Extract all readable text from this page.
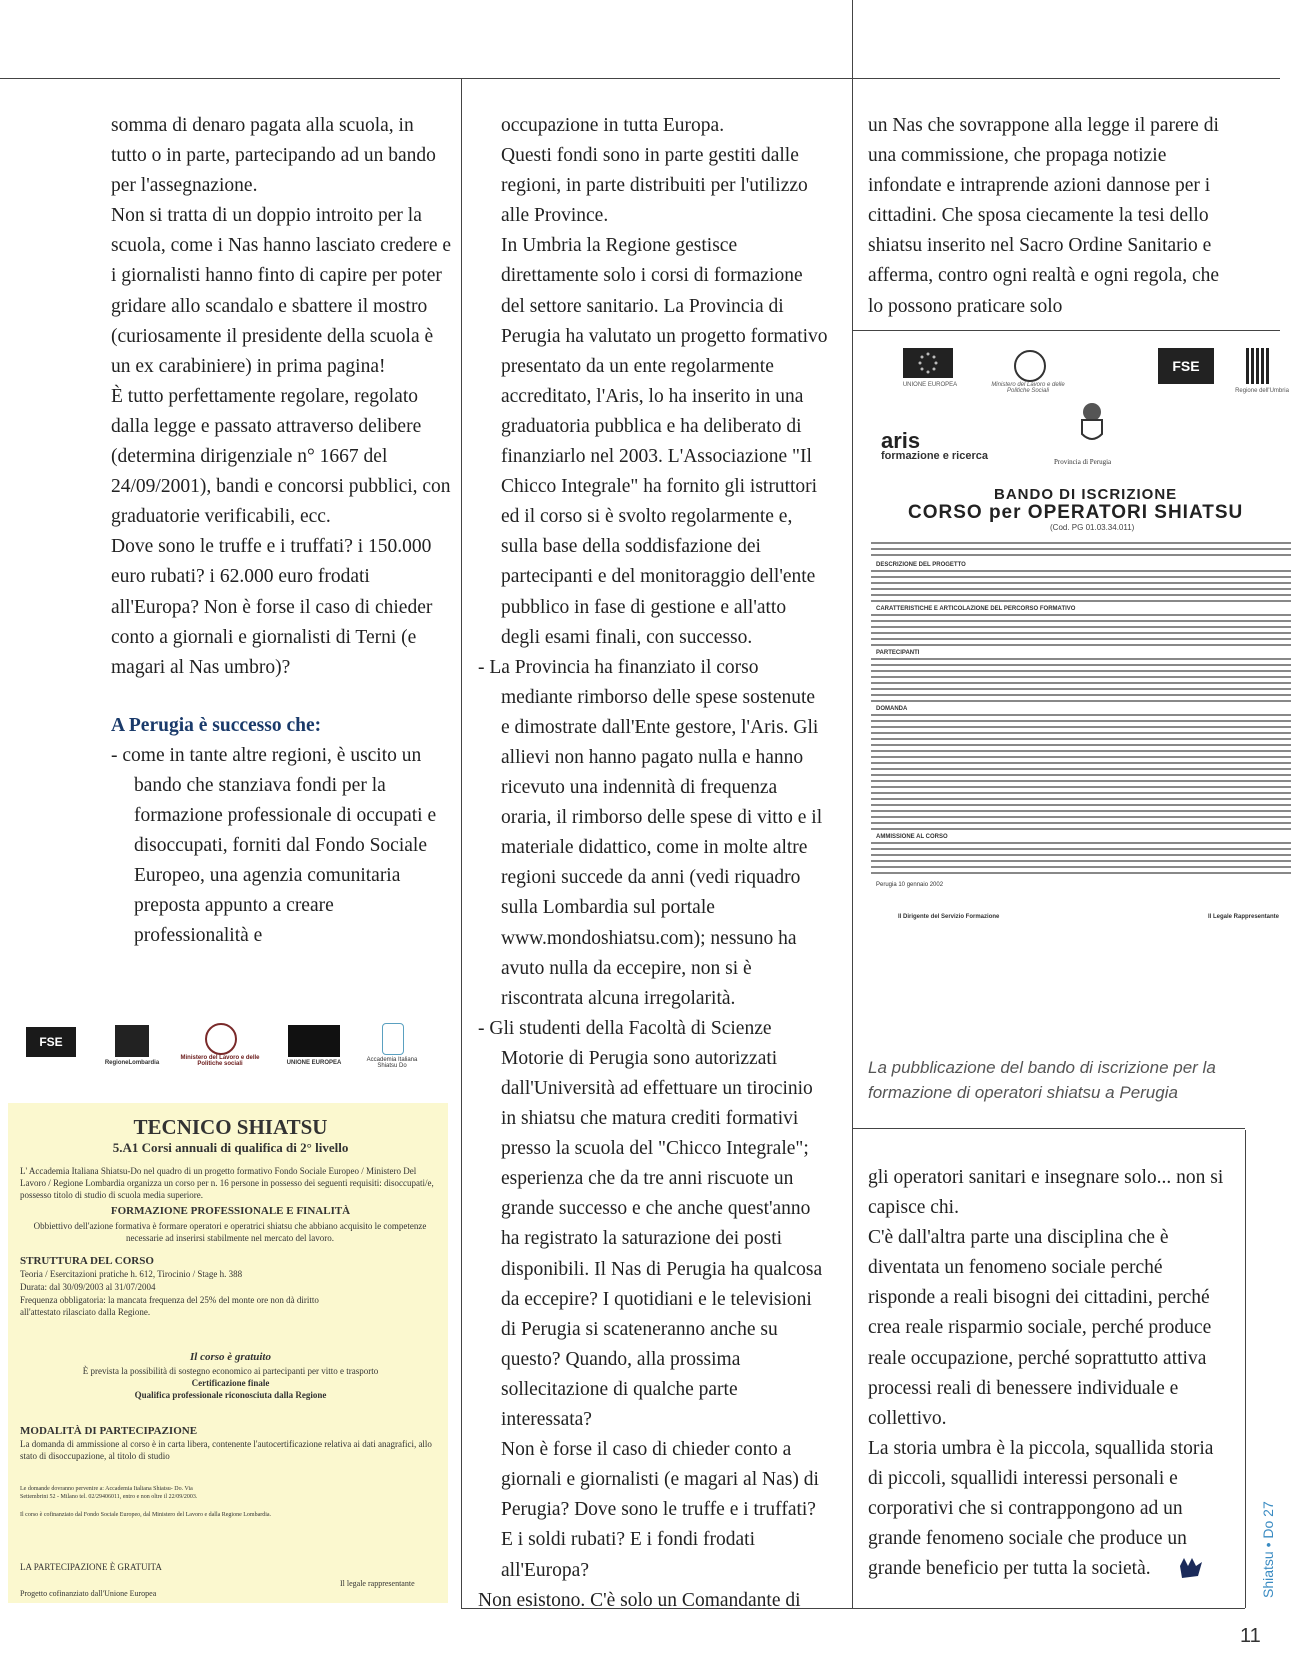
somma di denaro pagata alla scuola, in tutto o in parte, partecipando ad un bando per l'assegnazione.

Non si tratta di un doppio introito per la scuola, come i Nas hanno lasciato credere e i giornalisti hanno finto di capire per poter gridare allo scandalo e sbattere il mostro (curiosamente il presidente della scuola è un ex carabiniere) in prima pagina!

È tutto perfettamente regolare, regolato dalla legge e passato attraverso delibere (determina dirigenziale n° 1667 del 24/09/2001), bandi e concorsi pubblici, con graduatorie verificabili, ecc.

Dove sono le truffe e i truffati? i 150.000 euro rubati? i 62.000 euro frodati all'Europa? Non è forse il caso di chieder conto a giornali e giornalisti di Terni (e magari al Nas umbro)?

A Perugia è successo che:

- come in tante altre regioni, è uscito un bando che stanziava fondi per la formazione professionale di occupati e disoccupati, forniti dal Fondo Sociale Europeo, una agenzia comunitaria preposta appunto a creare professionalità e

occupazione in tutta Europa.

Questi fondi sono in parte gestiti dalle regioni, in parte distribuiti per l'utilizzo alle Province.

In Umbria la Regione gestisce direttamente solo i corsi di formazione del settore sanitario. La Provincia di Perugia ha valutato un progetto formativo presentato da un ente regolarmente accreditato, l'Aris, lo ha inserito in una graduatoria pubblica e ha deliberato di finanziarlo nel 2003. L'Associazione "Il Chicco Integrale" ha fornito gli istruttori ed il corso si è svolto regolarmente e, sulla base della soddisfazione dei partecipanti e del monitoraggio dell'ente pubblico in fase di gestione e all'atto degli esami finali, con successo.

- La Provincia ha finanziato il corso mediante rimborso delle spese sostenute e dimostrate dall'Ente gestore, l'Aris. Gli allievi non hanno pagato nulla e hanno ricevuto una indennità di frequenza oraria, il rimborso delle spese di vitto e il materiale didattico, come in molte altre regioni succede da anni (vedi riquadro sulla Lombardia sul portale www.mondoshiatsu.com); nessuno ha avuto nulla da eccepire, non si è riscontrata alcuna irregolarità.

- Gli studenti della Facoltà di Scienze Motorie di Perugia sono autorizzati dall'Università ad effettuare un tirocinio in shiatsu che matura crediti formativi presso la scuola del "Chicco Integrale"; esperienza che da tre anni riscuote un grande successo e che anche quest'anno ha registrato la saturazione dei posti disponibili. Il Nas di Perugia ha qualcosa da eccepire? I quotidiani e le televisioni di Perugia si scateneranno anche su questo? Quando, alla prossima sollecitazione di qualche parte interessata?

Non è forse il caso di chieder conto a giornali e giornalisti (e magari al Nas) di Perugia? Dove sono le truffe e i truffati? E i soldi rubati? E i fondi frodati all'Europa?

Non esistono. C'è solo un Comandante di

un Nas che sovrappone alla legge il parere di una commissione, che propaga notizie infondate e intraprende azioni dannose per i cittadini. Che sposa ciecamente la tesi dello shiatsu inserito nel Sacro Ordine Sanitario e afferma, contro ogni realtà e ogni regola, che lo possono praticare solo

UNIONE EUROPEA	Ministero del Lavoro e delle Politiche Sociali
FSE
Regione dell'Umbria
aris
formazione e ricerca	Provincia di Perugia
BANDO DI ISCRIZIONE
CORSO per OPERATORI SHIATSU
(Cod. PG 01.03.34.011)
DESCRIZIONE DEL PROGETTO
CARATTERISTICHE E ARTICOLAZIONE DEL PERCORSO FORMATIVO
PARTECIPANTI
DOMANDA
AMMISSIONE AL CORSO
Perugia 10 gennaio 2002
Il Dirigente del Servizio Formazione	Il Legale Rappresentante
La pubblicazione del bando di iscrizione per la formazione di operatori shiatsu a Perugia

gli operatori sanitari e insegnare solo... non si capisce chi.

C'è dall'altra parte una disciplina che è diventata un fenomeno sociale perché risponde a reali bisogni dei cittadini, perché crea reale risparmio sociale, perché produce reale occupazione, perché soprattutto attiva processi reali di benessere individuale e collettivo.

La storia umbra è la piccola, squallida storia di piccoli, squallidi interessi personali e corporativi che si contrappongono ad un grande fenomeno sociale che produce un grande beneficio per tutta la società.

FSE
RegioneLombardia
Ministero del Lavoro e delle Politiche sociali	UNIONE EUROPEA	Accademia Italiana Shiatsu Do
TECNICO SHIATSU
5.A1 Corsi annuali di qualifica di 2° livello
L' Accademia Italiana Shiatsu-Do nel quadro di un progetto formativo Fondo Sociale Europeo / Ministero Del Lavoro / Regione Lombardia organizza un corso per n. 16 persone in possesso dei seguenti requisiti: disoccupati/e, possesso titolo di studio di scuola media superiore.
FORMAZIONE PROFESSIONALE E FINALITÀ
Obbiettivo dell'azione formativa è formare operatori e operatrici shiatsu che abbiano acquisito le competenze necessarie ad inserirsi stabilmente nel mercato del lavoro.
STRUTTURA DEL CORSO
Teoria / Esercitazioni pratiche h. 612, Tirocinio / Stage h. 388
Durata: dal 30/09/2003 al 31/07/2004
Frequenza obbligatoria: la mancata frequenza del 25% del monte ore non dà diritto all'attestato rilasciato dalla Regione.
Il corso è gratuito
È prevista la possibilità di sostegno economico ai partecipanti per vitto e trasporto
Certificazione finale
Qualifica professionale riconosciuta dalla Regione
MODALITÀ DI PARTECIPAZIONE
La domanda di ammissione al corso è in carta libera, contenente l'autocertificazione relativa ai dati anagrafici, allo stato di disoccupazione, al titolo di studio
Le domande dovranno pervenire a: Accademia Italiana Shiatsu- Do. Via Settembrini 52 - Milano tel. 02/29406011, entro e non oltre il 22/09/2003.
Il corso è cofinanziato dal Fondo Sociale Europeo, dal Ministero del Lavoro e dalla Regione Lombardia.
LA PARTECIPAZIONE È GRATUITA
Il legale rappresentante
Progetto cofinanziato dall'Unione Europea	Shiatsu • Do 27
11
